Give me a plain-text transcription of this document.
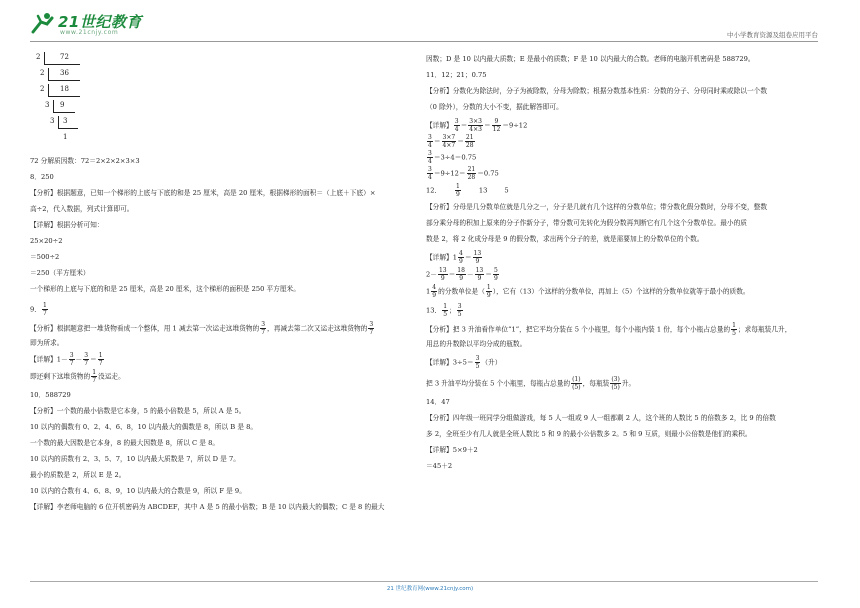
21世纪教育
www.21cnjy.com	中小学教育资源及组卷应用平台
2	72
2 36
2 18
3 9
3 3
1

72 分解质因数：72＝2×2×2×3×3

8．250

【分析】根据题意，已知一个梯形的上底与下底的和是 25 厘米，高是 20 厘米，根据梯形的面积＝（上底＋下底）×

高÷2，代入数据，列式计算即可。

【详解】根据分析可知：

25×20÷2

＝500÷2

＝250（平方厘米）

一个梯形的上底与下底的和是 25 厘米，高是 20 厘米，这个梯形的面积是 250 平方厘米。

9． $\frac{1}{7}$

【分析】根据题意把一堆货物看成一个整体，用 1 减去第一次运走这堆货物的 $\frac{3}{7}$ ，再减去第二次又运走这堆货物的 $\frac{3}{7}$

即为所求。

【详解】$1- \frac{3}{7} - \frac{3}{7} = \frac{1}{7}$

即还剩下这堆货物的 $\frac{1}{7}$ 没运走。

10．588729

【分析】一个数的最小倍数是它本身，5 的最小倍数是 5，所以 A 是 5。

10 以内的偶数有 0、2、4、6、8，10 以内最大的偶数是 8，所以 B 是 8。

一个数的最大因数是它本身，8 的最大因数是 8，所以 C 是 8。

10 以内的质数有 2、3、5、7，10 以内最大质数是 7，所以 D 是 7。

最小的质数是 2，所以 E 是 2。

10 以内的合数有 4、6、8、9，10 以内最大的合数是 9，所以 F 是 9。

【详解】李老师电脑的 6 位开机密码为 ABCDEF，其中 A 是 5 的最小倍数；B 是 10 以内最大的偶数；C 是 8 的最大

因数；D 是 10 以内最大质数；E 是最小的质数；F 是 10 以内最大的合数。老师的电脑开机密码是 588729。

11．12；21；0.75

【分析】分数化为除法时，分子为被除数，分母为除数；根据分数基本性质：分数的分子、分母同时乘或除以一个数

（0 除外），分数的大小不变，据此解答即可。

【详解】 $\frac{3}{4} = \frac{3\times 3}{4\times 3} = \frac{9}{12} =9\div 12$

$\frac{3}{4} = \frac{3\times 7}{4\times 7} = \frac{21}{28}$

$\frac{3}{4} =3\div 4=0.75$

$\frac{3}{4} =9\div 12= \frac{21}{28} =0.75$

12． $\frac{1}{9}$	13	5

【分析】分母是几分数单位就是几分之一，分子是几就有几个这样的分数单位；带分数化假分数时，分母不变，整数

部分乘分母的积加上原来的分子作新分子，带分数可先转化为假分数再判断它有几个这个分数单位。最小的质

数是 2，将 2 化成分母是 9 的假分数，求出两个分子的差，就是需要加上的分数单位的个数。

【详解】$1 \frac{4}{9} = \frac{13}{9}$

$2- \frac{13}{9} = \frac{18}{9} - \frac{13}{9} = \frac{5}{9}$

$1 \frac{4}{9}$ 的分数单位是（ $\frac{1}{9}$ ），它有（13）个这样的分数单位，再加上（5）个这样的分数单位就等于最小的质数。

13． $\frac{1}{5}$ ； $\frac{3}{5}$

【分析】把 3 升油看作单位“1”，把它平均分装在 5 个小瓶里，每个小瓶内装 1 份，每个小瓶占总量的 $\frac{1}{5}$ ；求每瓶装几升，

用总的升数除以平均分成的瓶数。

【详解】$3\div 5= \frac{3}{5}$ （升）

把 3 升油平均分装在 5 个小瓶里，每瓶占总量的 $\frac{(1)}{(5)}$ ，每瓶装 $\frac{(3)}{(5)}$ 升。

14．47

【分析】四年级一班同学分组做游戏，每 5 人一组或 9 人一组都剩 2 人，这个班的人数比 5 的倍数多 2，比 9 的倍数

多 2，全班至少有几人就是全班人数比 5 和 9 的最小公倍数多 2。5 和 9 互质，则最小公倍数是他们的乘积。

【详解】5×9＋2

＝45＋2

21 世纪教育网(www.21cnjy.com)
